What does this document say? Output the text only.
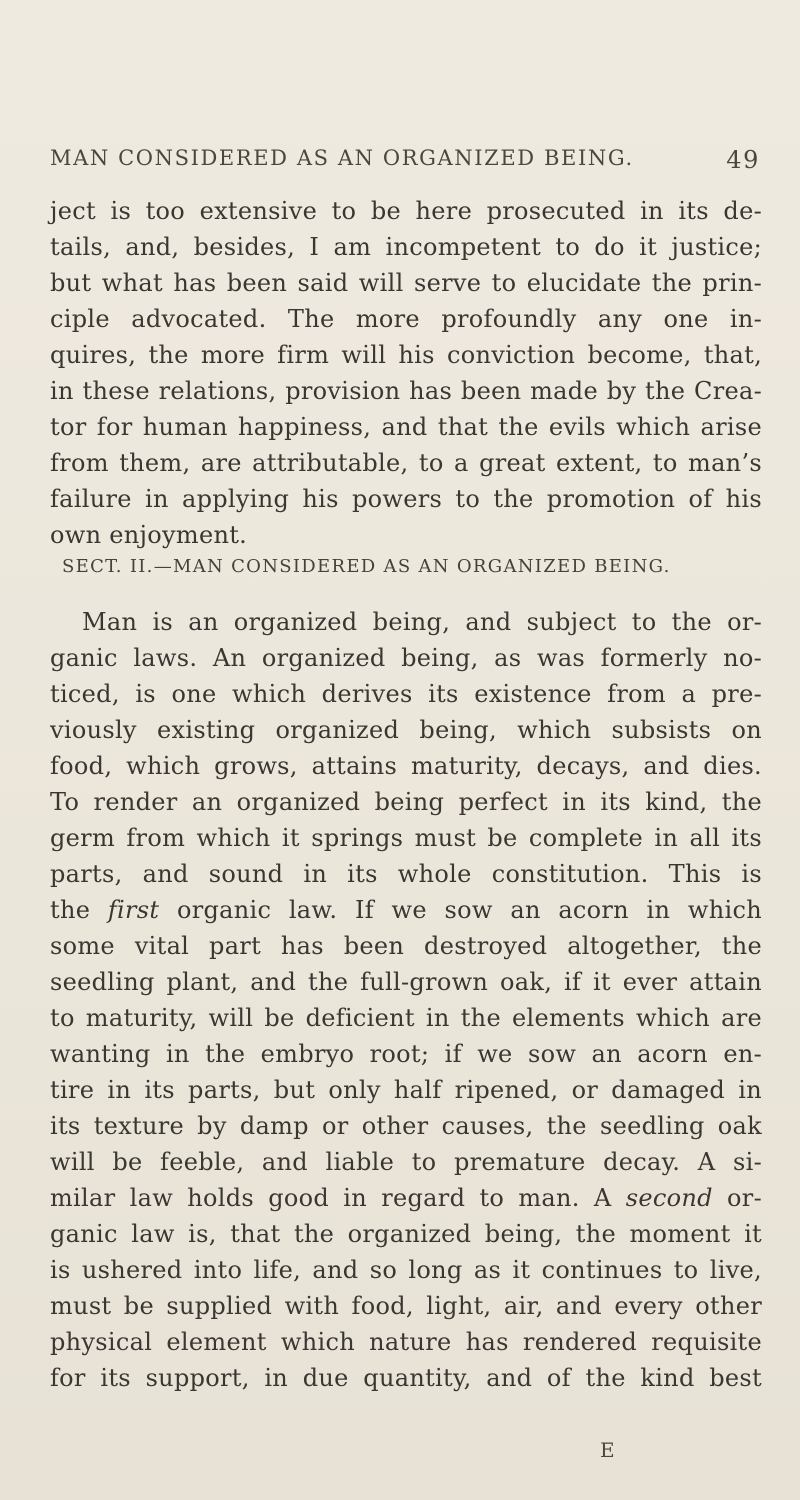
MAN CONSIDERED AS AN ORGANIZED BEING.	49
ject is too extensive to be here prosecuted in its de-
tails, and, besides, I am incompetent to do it justice;
but what has been said will serve to elucidate the prin-
ciple advocated. The more profoundly any one in-
quires, the more firm will his conviction become, that,
in these relations, provision has been made by the Crea-
tor for human happiness, and that the evils which arise
from them, are attributable, to a great extent, to man’s
failure in applying his powers to the promotion of his
own enjoyment.
SECT. II.—MAN CONSIDERED AS AN ORGANIZED BEING.
Man is an organized being, and subject to the or-
ganic laws. An organized being, as was formerly no-
ticed, is one which derives its existence from a pre-
viously existing organized being, which subsists on
food, which grows, attains maturity, decays, and dies.
To render an organized being perfect in its kind, the
germ from which it springs must be complete in all its
parts, and sound in its whole constitution. This is
the first organic law. If we sow an acorn in which
some vital part has been destroyed altogether, the
seedling plant, and the full-grown oak, if it ever attain
to maturity, will be deficient in the elements which are
wanting in the embryo root; if we sow an acorn en-
tire in its parts, but only half ripened, or damaged in
its texture by damp or other causes, the seedling oak
will be feeble, and liable to premature decay. A si-
milar law holds good in regard to man. A second or-
ganic law is, that the organized being, the moment it
is ushered into life, and so long as it continues to live,
must be supplied with food, light, air, and every other
physical element which nature has rendered requisite
for its support, in due quantity, and of the kind best
E
